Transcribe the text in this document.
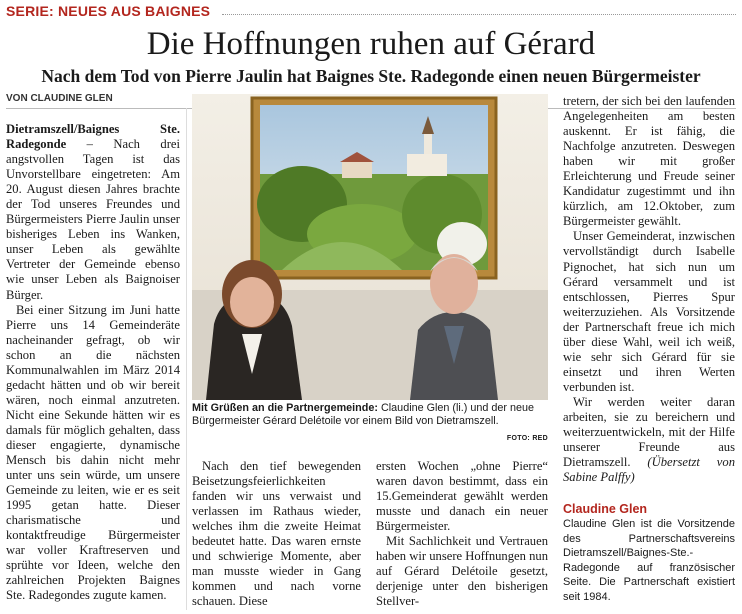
SERIE: NEUES AUS BAIGNES
Die Hoffnungen ruhen auf Gérard
Nach dem Tod von Pierre Jaulin hat Baignes Ste. Radegonde einen neuen Bürgermeister
VON CLAUDINE GLEN

Dietramszell/Baignes Ste. Radegonde – Nach drei angstvollen Tagen ist das Unvorstellbare eingetreten: Am 20. August diesen Jahres brachte der Tod unseres Freundes und Bürgermeisters Pierre Jaulin unser bisheriges Leben ins Wanken, unser Leben als gewählte Vertreter der Gemeinde ebenso wie unser Leben als Baignoiser Bürger.

Bei einer Sitzung im Juni hatte Pierre uns 14 Gemeinderäte nacheinander gefragt, ob wir schon an die nächsten Kommunalwahlen im März 2014 gedacht hätten und ob wir bereit wären, noch einmal anzutreten. Nicht eine Sekunde hätten wir es damals für möglich gehalten, dass dieser engagierte, dynamische Mensch bis dahin nicht mehr unter uns sein würde, um unsere Gemeinde zu leiten, wie er es seit 1995 getan hatte. Dieser charismatische und kontaktfreudige Bürgermeister war voller Kraftreserven und sprühte vor Ideen, welche den zahlreichen Projekten Baignes Ste. Radegondes zugute kamen.

Mit Grüßen an die Partnergemeinde: Claudine Glen (li.) und der neue Bürgermeister Gérard Delétoile vor einem Bild von Dietramszell.
FOTO: RED

Nach den tief bewegenden Beisetzungsfeierlichkeiten fanden wir uns verwaist und verlassen im Rathaus wieder, welches ihm die zweite Heimat bedeutet hatte. Das waren ernste und schwierige Momente, aber man musste wieder in Gang kommen und nach vorne schauen. Diese

ersten Wochen „ohne Pierre“ waren davon bestimmt, dass ein 15.Gemeinderat gewählt werden musste und danach ein neuer Bürgermeister.

Mit Sachlichkeit und Vertrauen haben wir unsere Hoffnungen nun auf Gérard Delétoile gesetzt, derjenige unter den bisherigen Stellver-

tretern, der sich bei den laufenden Angelegenheiten am besten auskennt. Er ist fähig, die Nachfolge anzutreten. Deswegen haben wir mit großer Erleichterung und Freude seiner Kandidatur zugestimmt und ihn kürzlich, am 12.Oktober, zum Bürgermeister gewählt.

Unser Gemeinderat, inzwischen vervollständigt durch Isabelle Pignochet, hat sich nun um Gérard versammelt und ist entschlossen, Pierres Spur weiterzuziehen. Als Vorsitzende der Partnerschaft freue ich mich über diese Wahl, weil ich weiß, wie sehr sich Gérard für sie einsetzt und ihren Werten verbunden ist.

Wir werden weiter daran arbeiten, sie zu bereichern und weiterzuentwickeln, mit der Hilfe unserer Freunde aus Dietramszell. (Übersetzt von Sabine Palffy)

Claudine Glen
Claudine Glen ist die Vorsitzende des Partnerschaftsvereins Dietramszell/Baignes-Ste.-Radegonde auf französischer Seite. Die Partnerschaft existiert seit 1984.
